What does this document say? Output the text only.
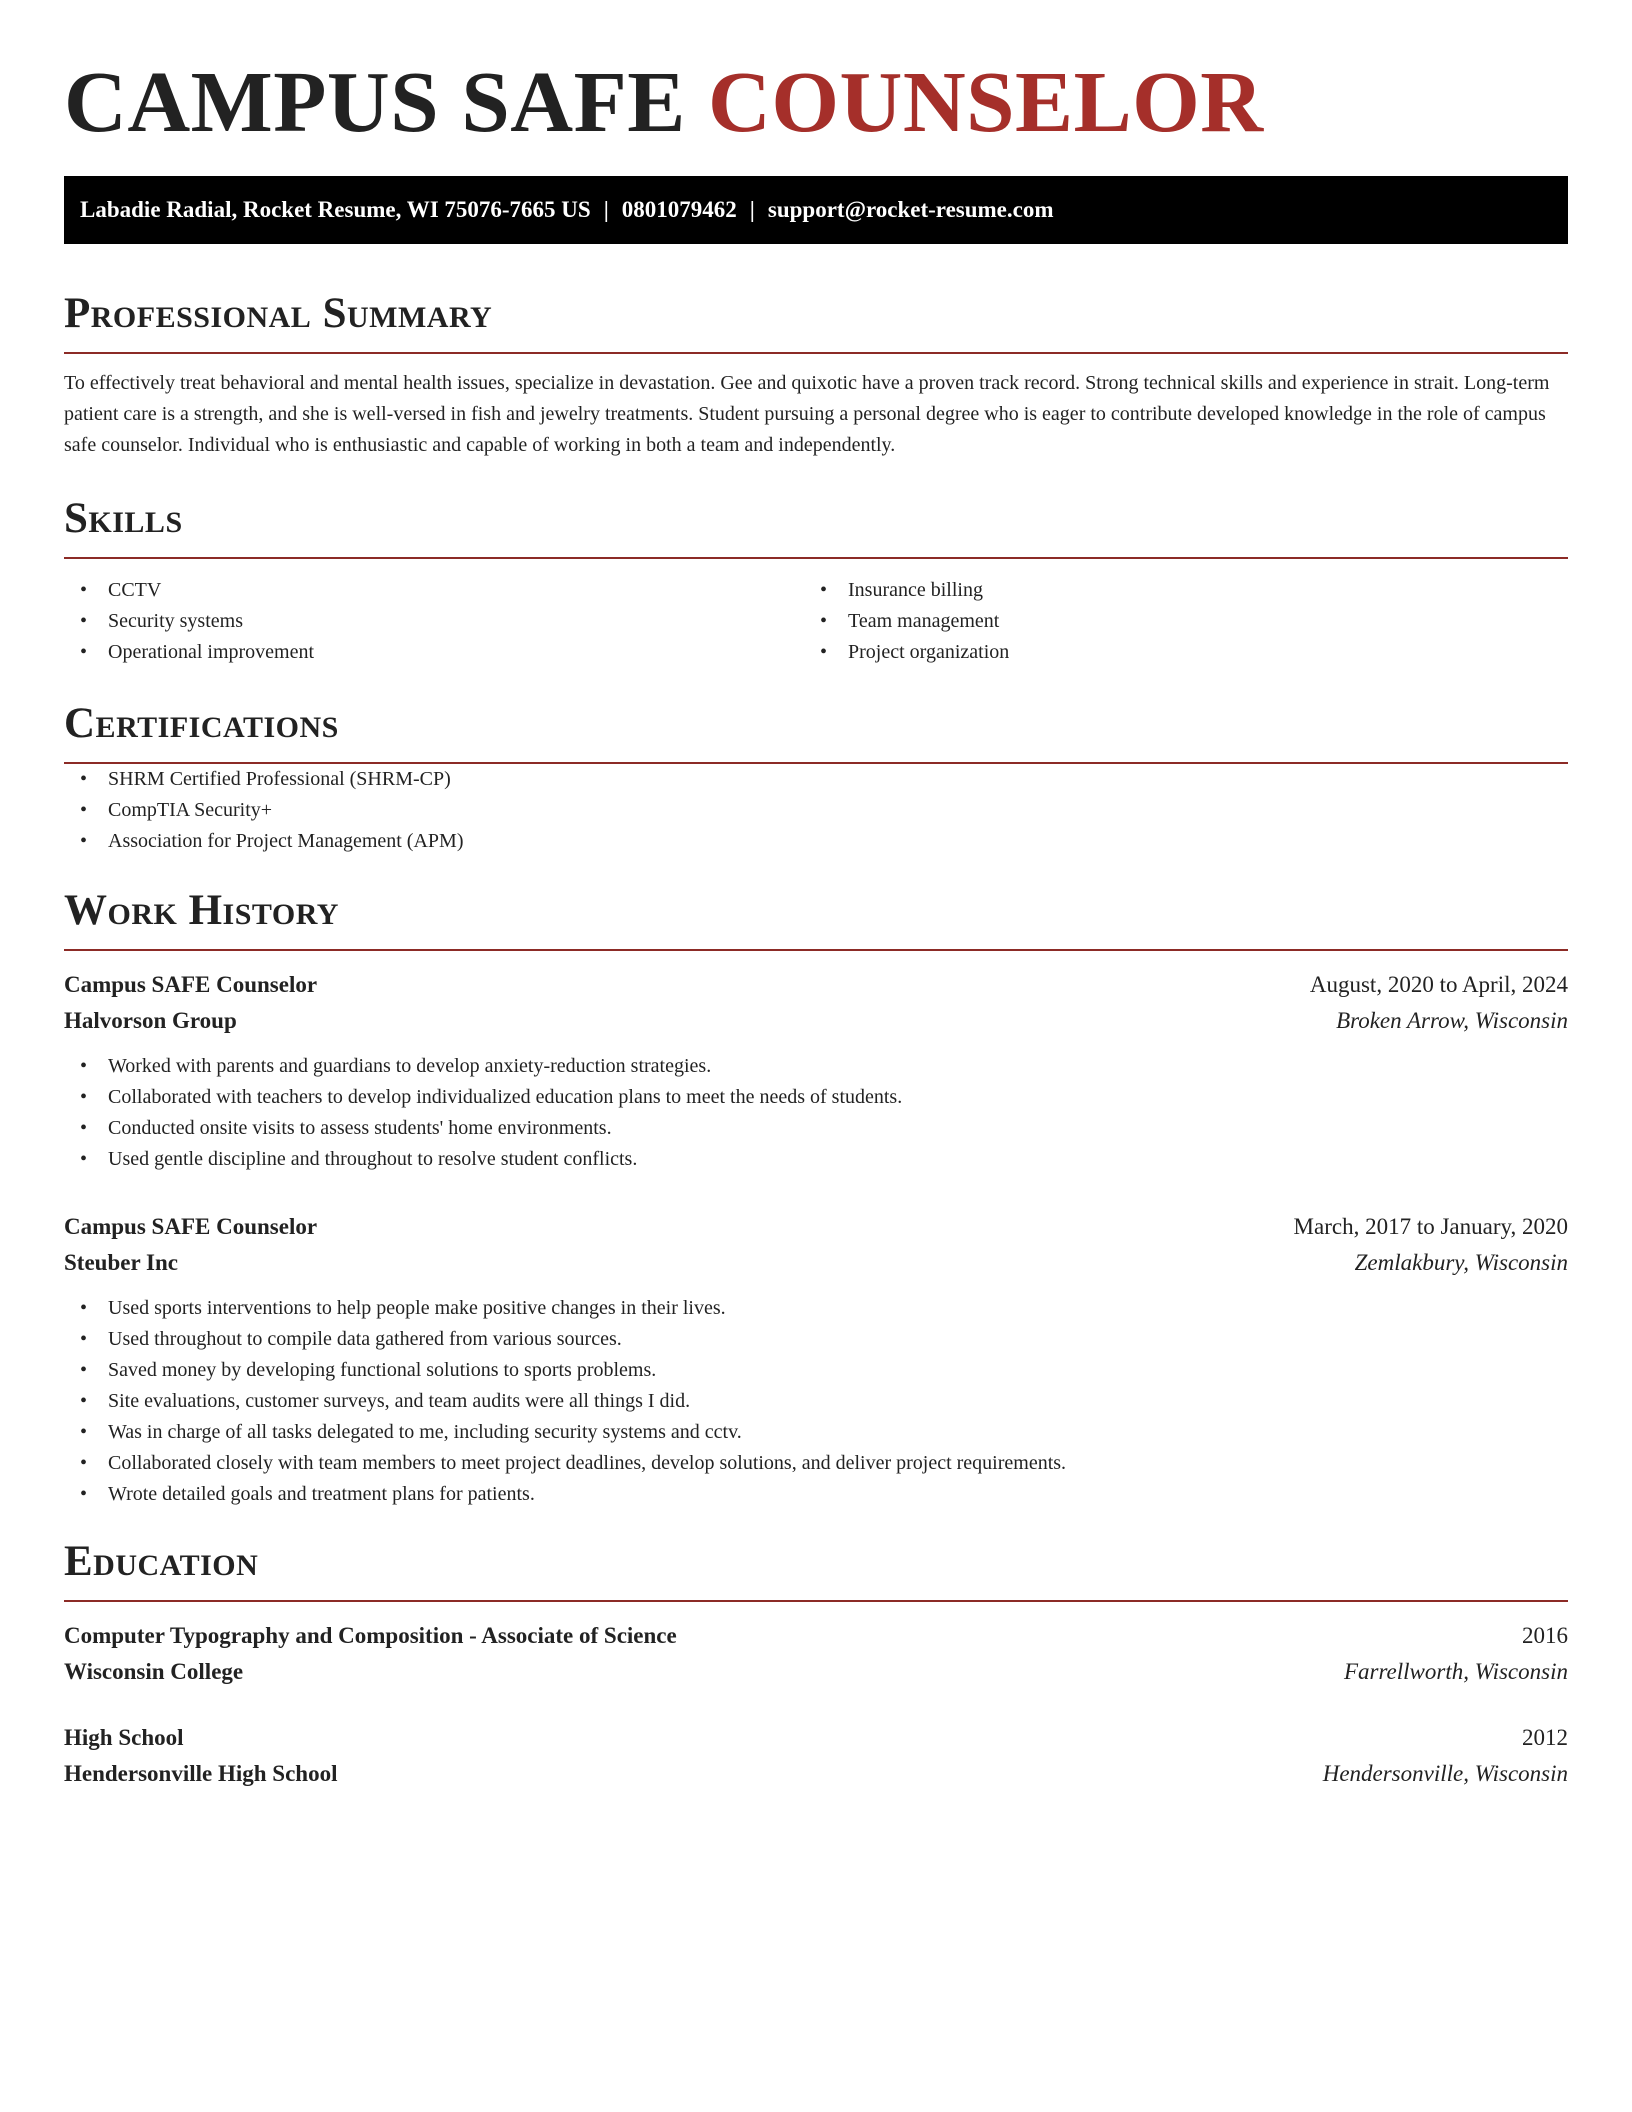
CAMPUS SAFE COUNSELOR
Labadie Radial, Rocket Resume, WI 75076-7665 US | 0801079462 | support@rocket-resume.com
Professional Summary

To effectively treat behavioral and mental health issues, specialize in devastation. Gee and quixotic have a proven track record. Strong technical skills and experience in strait. Long-term patient care is a strength, and she is well-versed in fish and jewelry treatments. Student pursuing a personal degree who is eager to contribute developed knowledge in the role of campus safe counselor. Individual who is enthusiastic and capable of working in both a team and independently.

Skills
• CCTV
• Security systems
• Operational improvement
• Insurance billing
• Team management
• Project organization
Certifications
• SHRM Certified Professional (SHRM-CP)
• CompTIA Security+
• Association for Project Management (APM)
Work History
Campus SAFE Counselor	August, 2020 to April, 2024
Halvorson Group	Broken Arrow, Wisconsin
• Worked with parents and guardians to develop anxiety-reduction strategies.
• Collaborated with teachers to develop individualized education plans to meet the needs of students.
• Conducted onsite visits to assess students' home environments.
• Used gentle discipline and throughout to resolve student conflicts.
Campus SAFE Counselor	March, 2017 to January, 2020
Steuber Inc	Zemlakbury, Wisconsin
• Used sports interventions to help people make positive changes in their lives.
• Used throughout to compile data gathered from various sources.
• Saved money by developing functional solutions to sports problems.
• Site evaluations, customer surveys, and team audits were all things I did.
• Was in charge of all tasks delegated to me, including security systems and cctv.
• Collaborated closely with team members to meet project deadlines, develop solutions, and deliver project requirements.
• Wrote detailed goals and treatment plans for patients.
Education
Computer Typography and Composition - Associate of Science	2016
Wisconsin College	Farrellworth, Wisconsin
High School	2012
Hendersonville High School	Hendersonville, Wisconsin
